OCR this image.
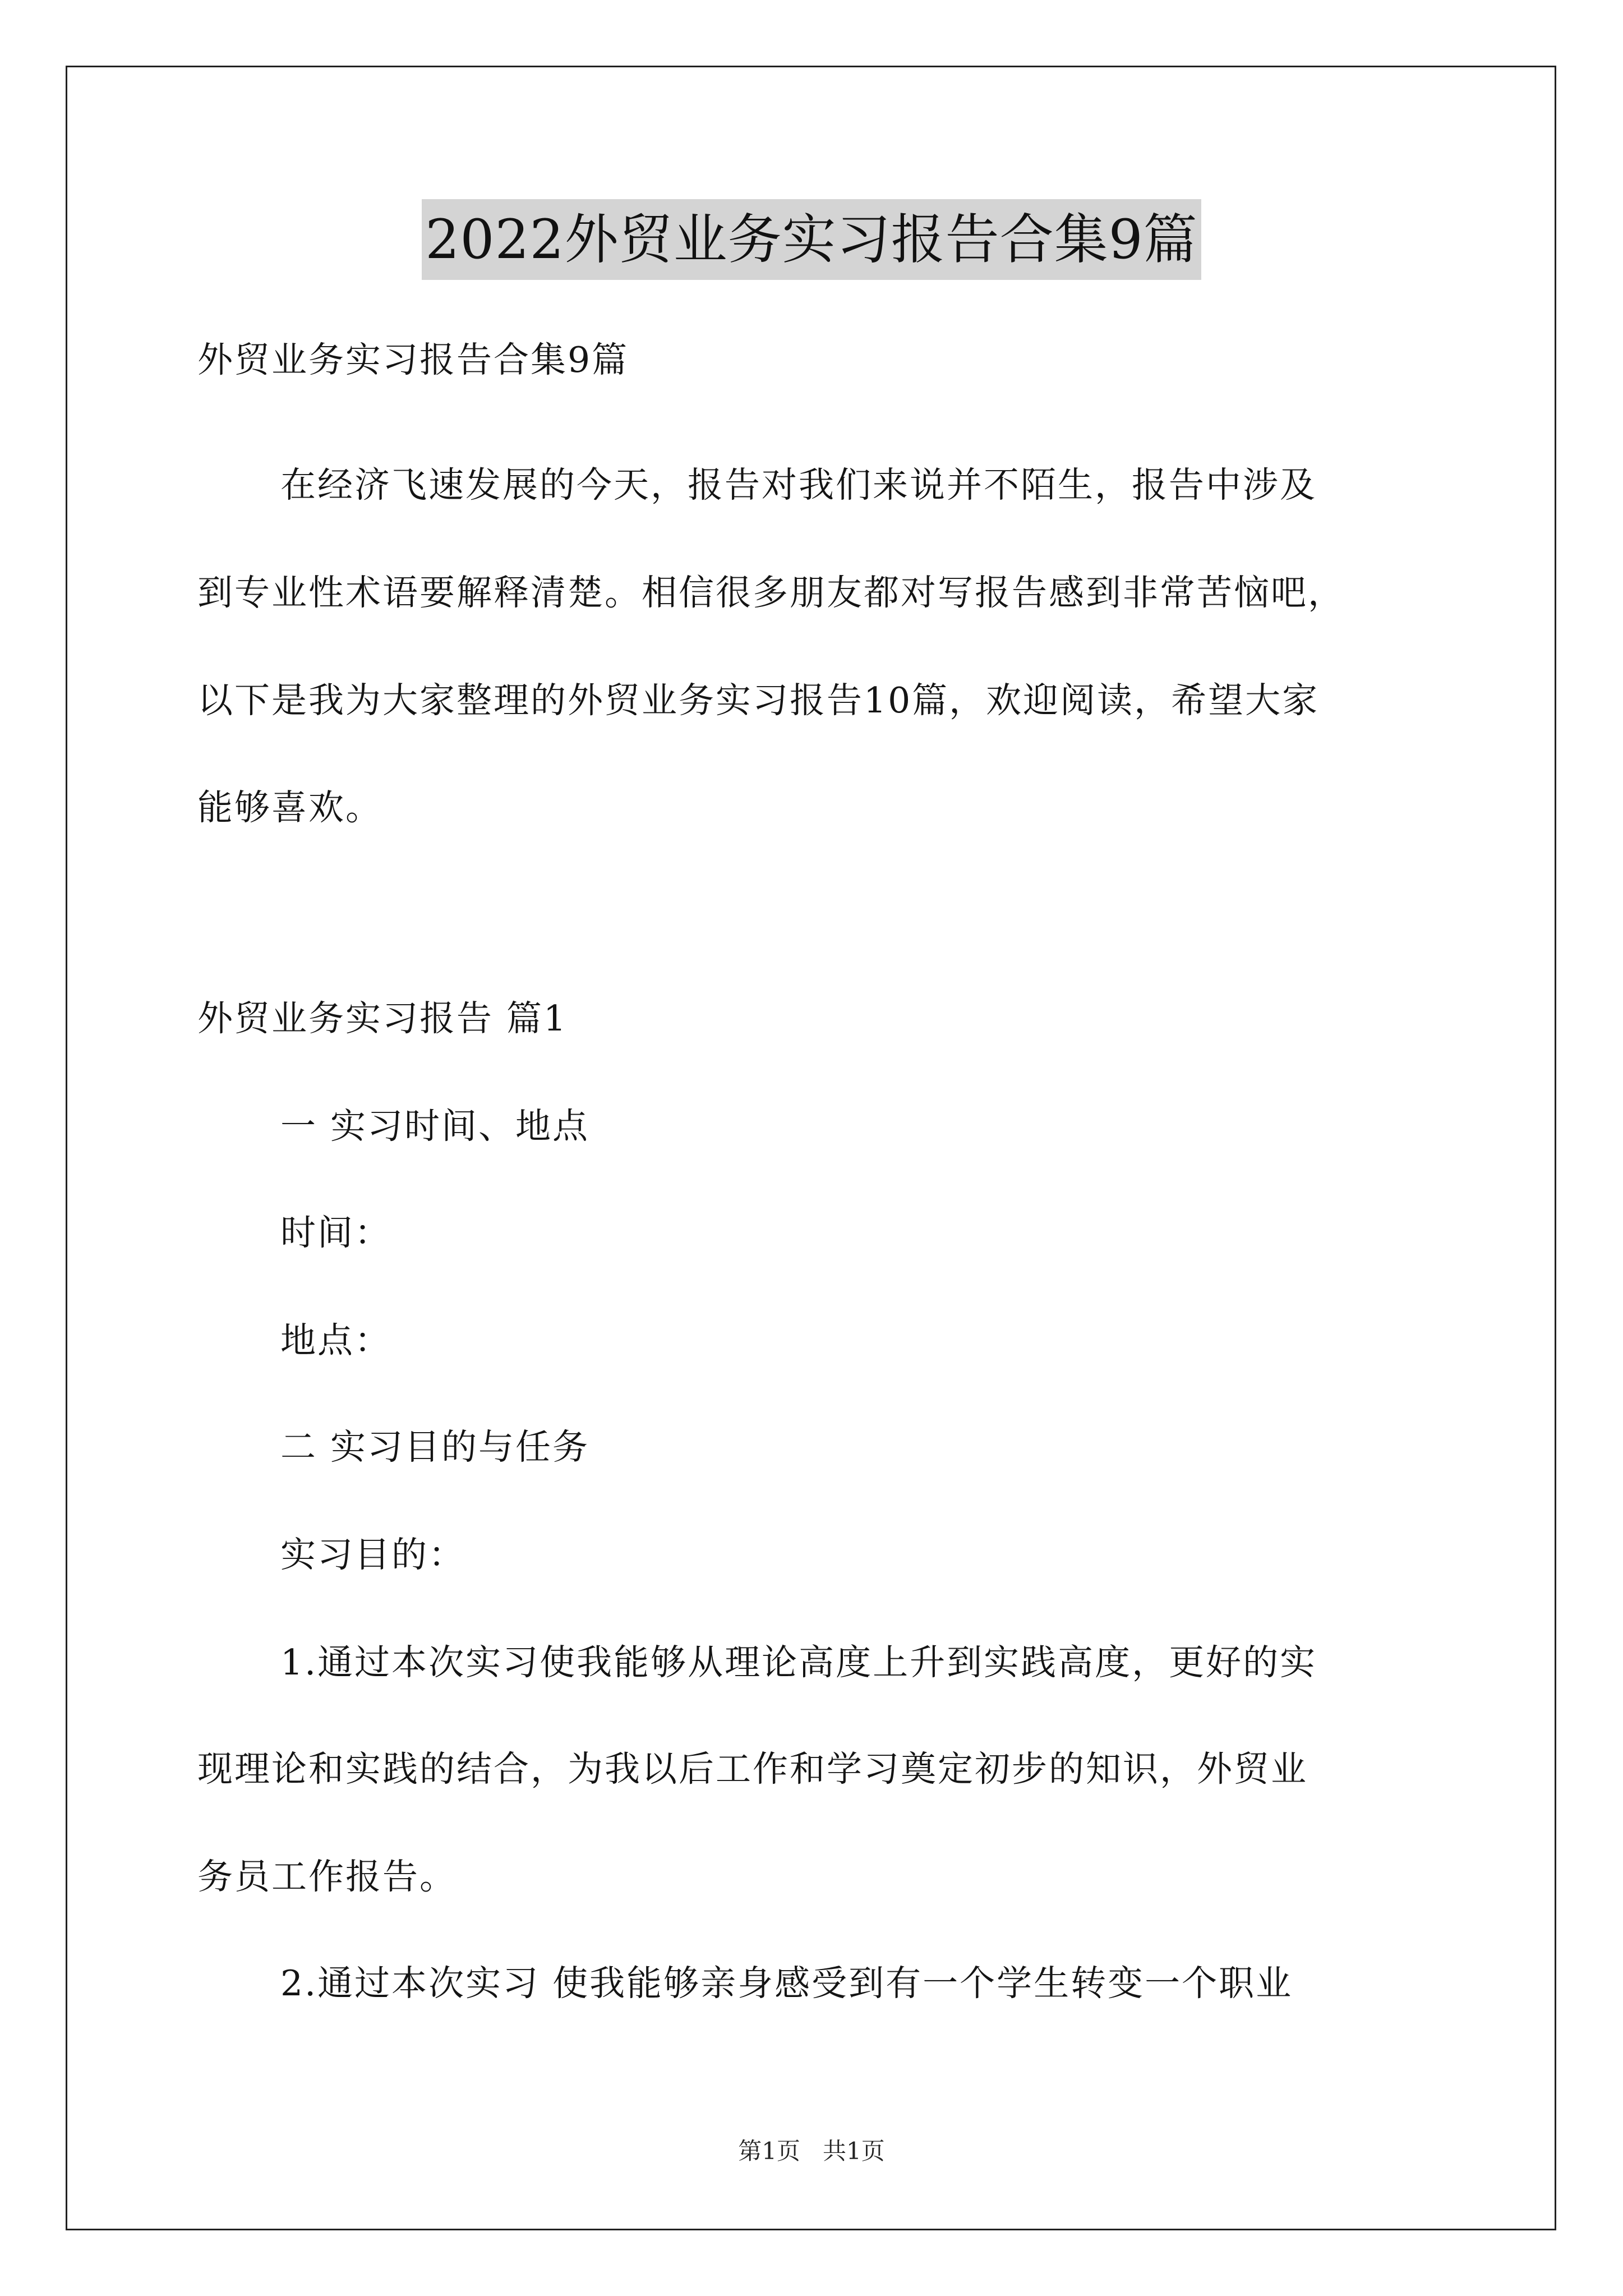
2022外贸业务实习报告合集9篇
外贸业务实习报告合集9篇
在经济飞速发展的今天，报告对我们来说并不陌生，报告中涉及
到专业性术语要解释清楚。相信很多朋友都对写报告感到非常苦恼吧，
以下是我为大家整理的外贸业务实习报告10篇，欢迎阅读，希望大家
能够喜欢。
外贸业务实习报告 篇1
一 实习时间、地点
时间：
地点：
二 实习目的与任务
实习目的：
1.通过本次实习使我能够从理论高度上升到实践高度，更好的实
现理论和实践的结合，为我以后工作和学习奠定初步的知识，外贸业
务员工作报告。
2.通过本次实习 使我能够亲身感受到有一个学生转变一个职业
第1页   共1页
